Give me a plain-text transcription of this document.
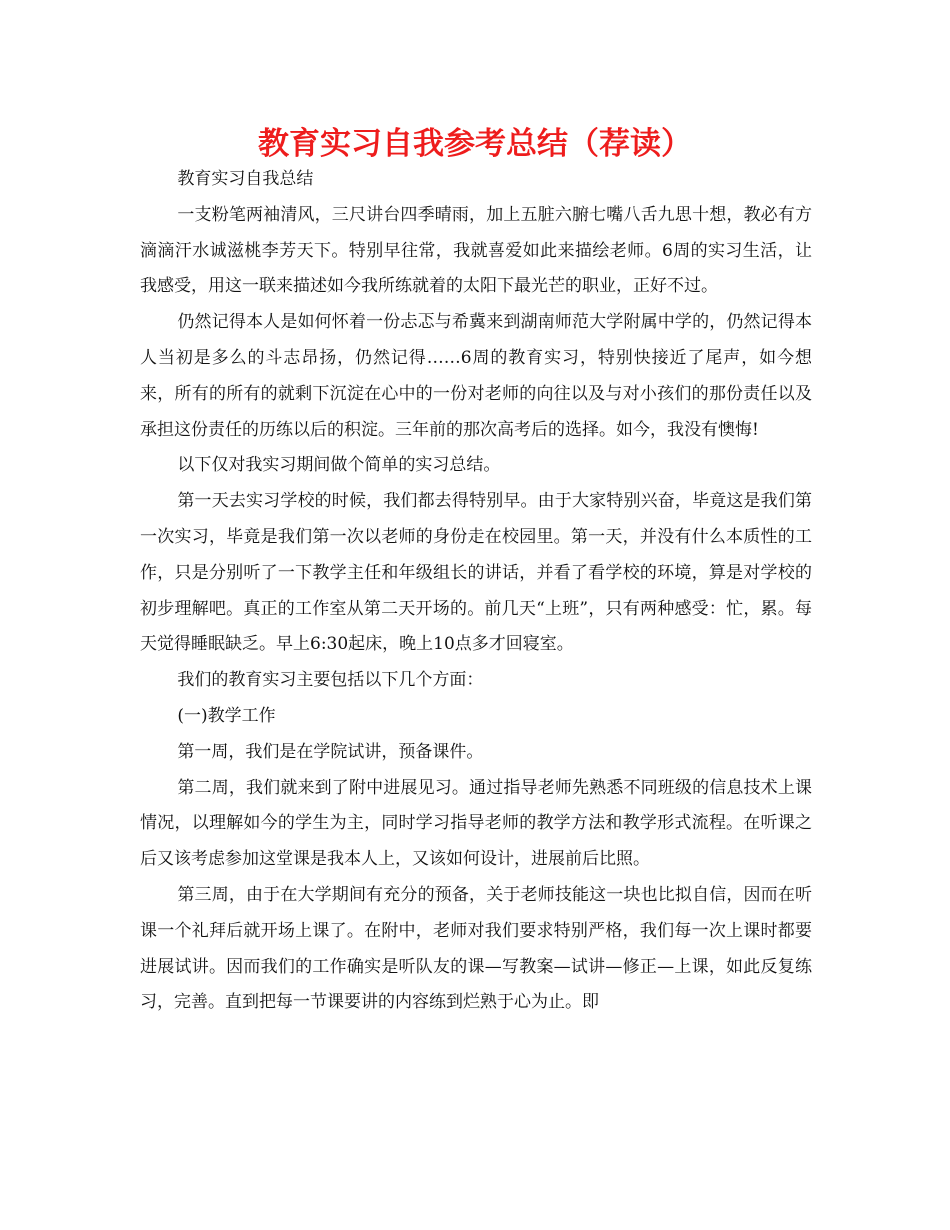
教育实习自我参考总结（荐读）

教育实习自我总结

一支粉笔两袖清风，三尺讲台四季晴雨，加上五脏六腑七嘴八舌九思十想，教必有方滴滴汗水诚滋桃李芳天下。特别早往常，我就喜爱如此来描绘老师。6周的实习生活，让我感受，用这一联来描述如今我所练就着的太阳下最光芒的职业，正好不过。

仍然记得本人是如何怀着一份忐忑与希冀来到湖南师范大学附属中学的，仍然记得本人当初是多么的斗志昂扬，仍然记得……6周的教育实习，特别快接近了尾声，如今想来，所有的所有的就剩下沉淀在心中的一份对老师的向往以及与对小孩们的那份责任以及承担这份责任的历练以后的积淀。三年前的那次高考后的选择。如今，我没有懊悔!

以下仅对我实习期间做个简单的实习总结。

第一天去实习学校的时候，我们都去得特别早。由于大家特别兴奋，毕竟这是我们第一次实习，毕竟是我们第一次以老师的身份走在校园里。第一天，并没有什么本质性的工作，只是分别听了一下教学主任和年级组长的讲话，并看了看学校的环境，算是对学校的初步理解吧。真正的工作室从第二天开场的。前几天“上班”，只有两种感受：忙，累。每天觉得睡眠缺乏。早上6:30起床，晚上10点多才回寝室。

我们的教育实习主要包括以下几个方面：

(一)教学工作

第一周，我们是在学院试讲，预备课件。

第二周，我们就来到了附中进展见习。通过指导老师先熟悉不同班级的信息技术上课情况，以理解如今的学生为主，同时学习指导老师的教学方法和教学形式流程。在听课之后又该考虑参加这堂课是我本人上，又该如何设计，进展前后比照。

第三周，由于在大学期间有充分的预备，关于老师技能这一块也比拟自信，因而在听课一个礼拜后就开场上课了。在附中，老师对我们要求特别严格，我们每一次上课时都要进展试讲。因而我们的工作确实是听队友的课—写教案—试讲—修正—上课，如此反复练习，完善。直到把每一节课要讲的内容练到烂熟于心为止。即
